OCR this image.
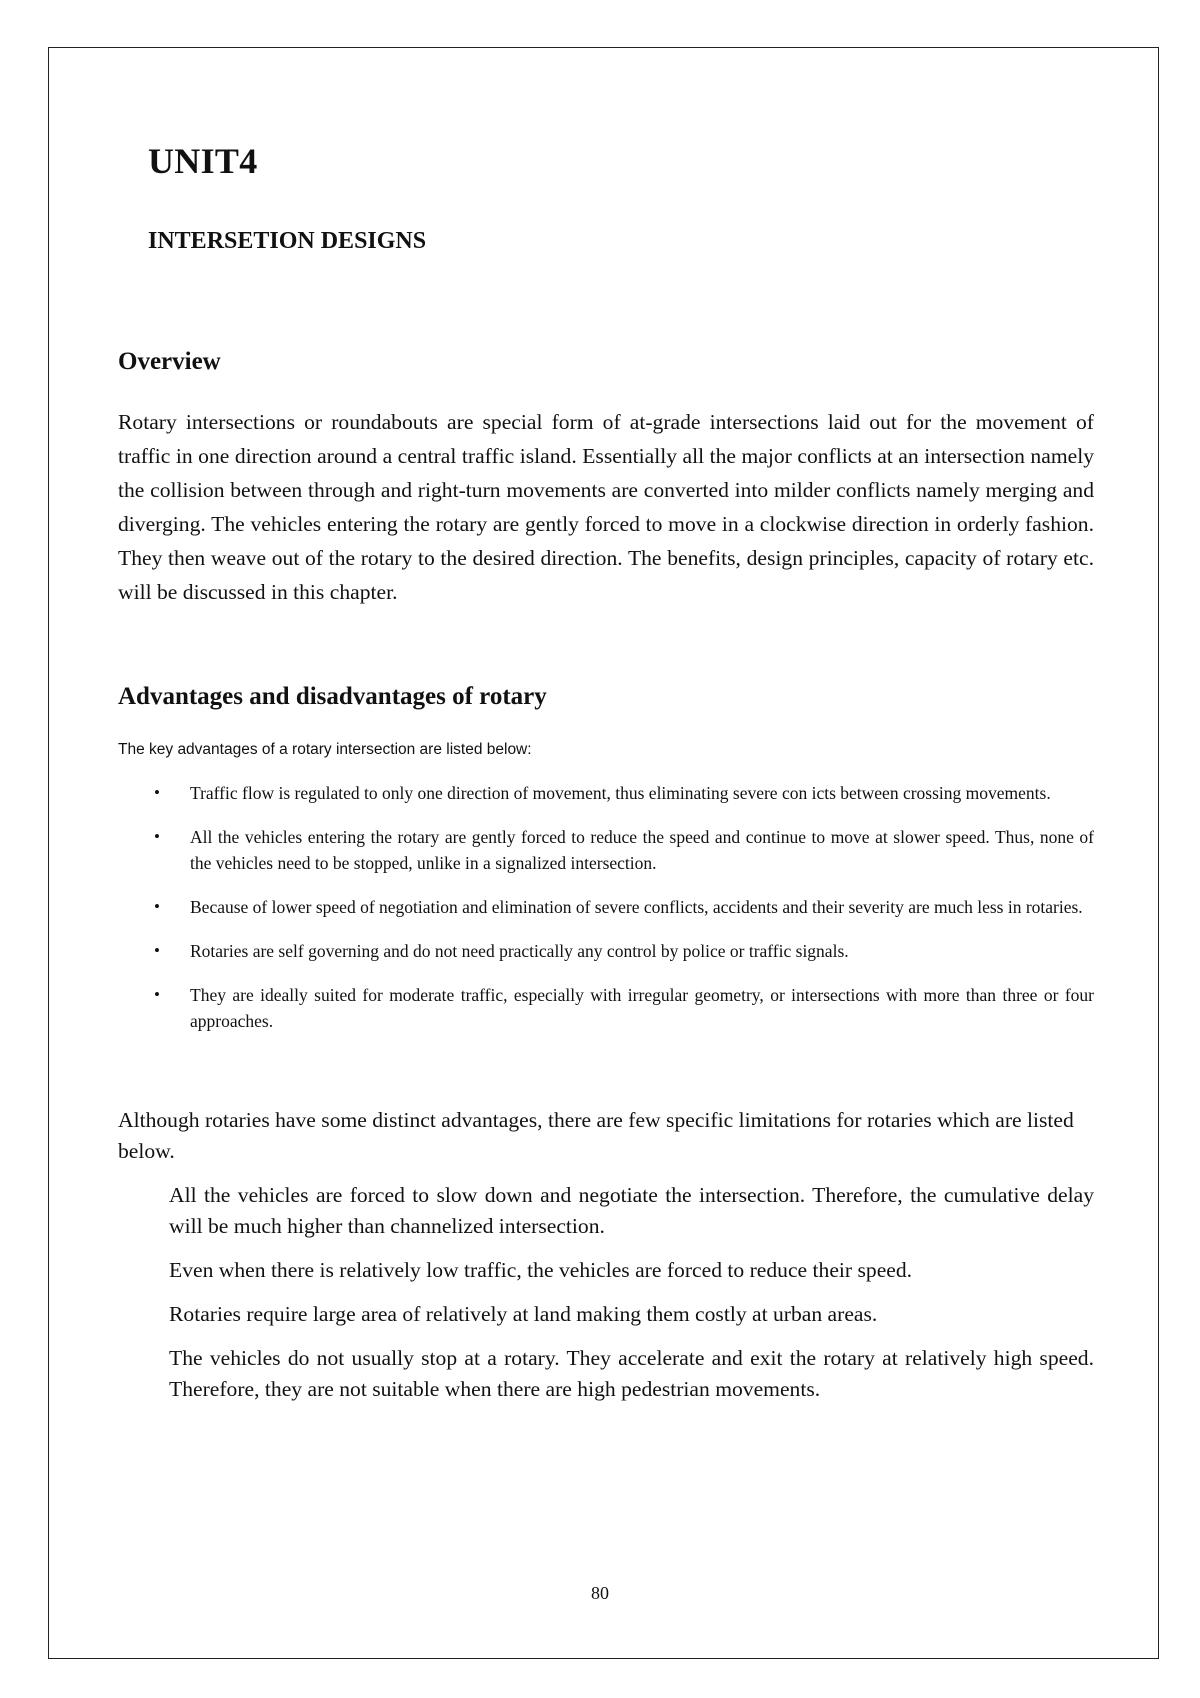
UNIT4
INTERSETION DESIGNS
Overview

Rotary intersections or roundabouts are special form of at-grade intersections laid out for the movement of traffic in one direction around a central traffic island. Essentially all the major conflicts at an intersection namely the collision between through and right-turn movements are converted into milder conflicts namely merging and diverging. The vehicles entering the rotary are gently forced to move in a clockwise direction in orderly fashion. They then weave out of the rotary to the desired direction. The benefits, design principles, capacity of rotary etc. will be discussed in this chapter.

Advantages and disadvantages of rotary

The key advantages of a rotary intersection are listed below:

• Traffic flow is regulated to only one direction of movement, thus eliminating severe con icts between crossing movements.
• All the vehicles entering the rotary are gently forced to reduce the speed and continue to move at slower speed. Thus, none of the vehicles need to be stopped, unlike in a signalized intersection.
• Because of lower speed of negotiation and elimination of severe conflicts, accidents and their severity are much less in rotaries.
• Rotaries are self governing and do not need practically any control by police or traffic signals.
• They are ideally suited for moderate traffic, especially with irregular geometry, or intersections with more than three or four approaches.

Although rotaries have some distinct advantages, there are few specific limitations for rotaries which are listed below.

All the vehicles are forced to slow down and negotiate the intersection. Therefore, the cumulative delay will be much higher than channelized intersection.
Even when there is relatively low traffic, the vehicles are forced to reduce their speed.
Rotaries require large area of relatively at land making them costly at urban areas.
The vehicles do not usually stop at a rotary. They accelerate and exit the rotary at relatively high speed. Therefore, they are not suitable when there are high pedestrian movements.
80
